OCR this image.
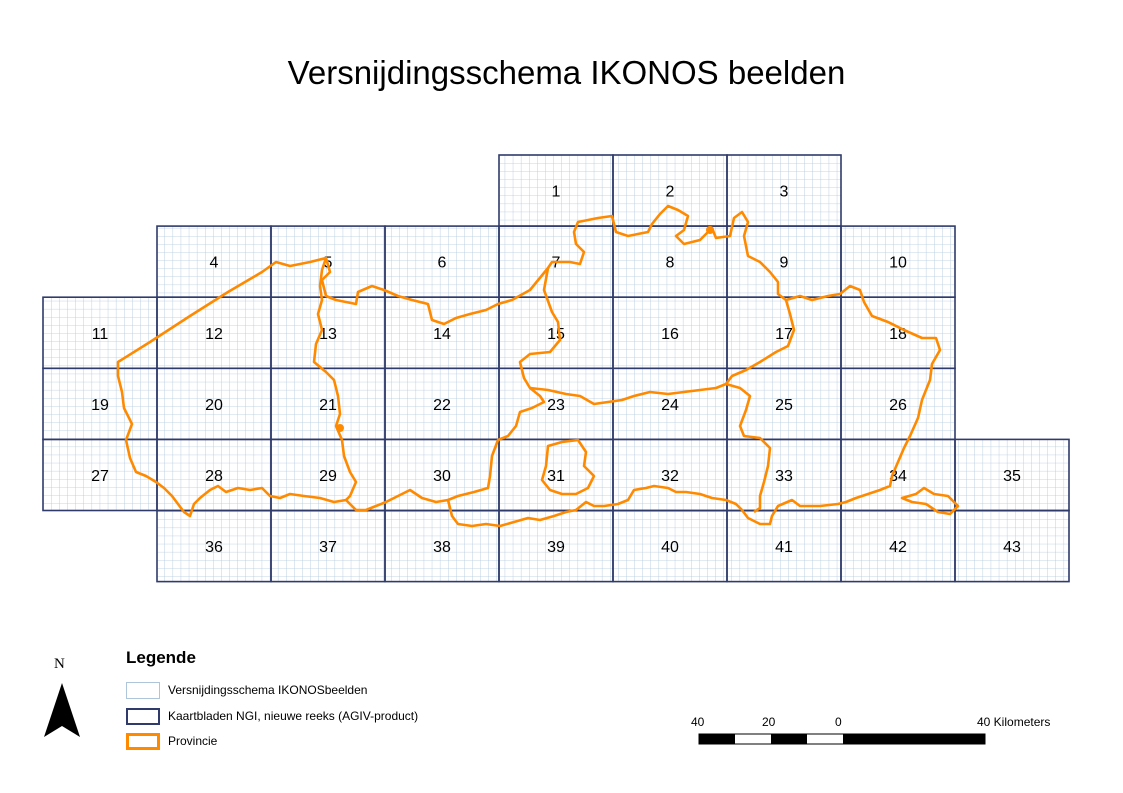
Versnijdingsschema IKONOS beelden
1	2	3
4	5	6	7	8	9	10
11	12	13	14	15	16	17	18
19	20	21	22	23	24	25	26
27	28	29	30	31	32	33	34	35
36	37	38	39	40	41	42	43
N	Legende
Versnijdingsschema IKONOSbeelden
Kaartbladen NGI, nieuwe reeks (AGIV-product)
Provincie
40	20	0	40 Kilometers
